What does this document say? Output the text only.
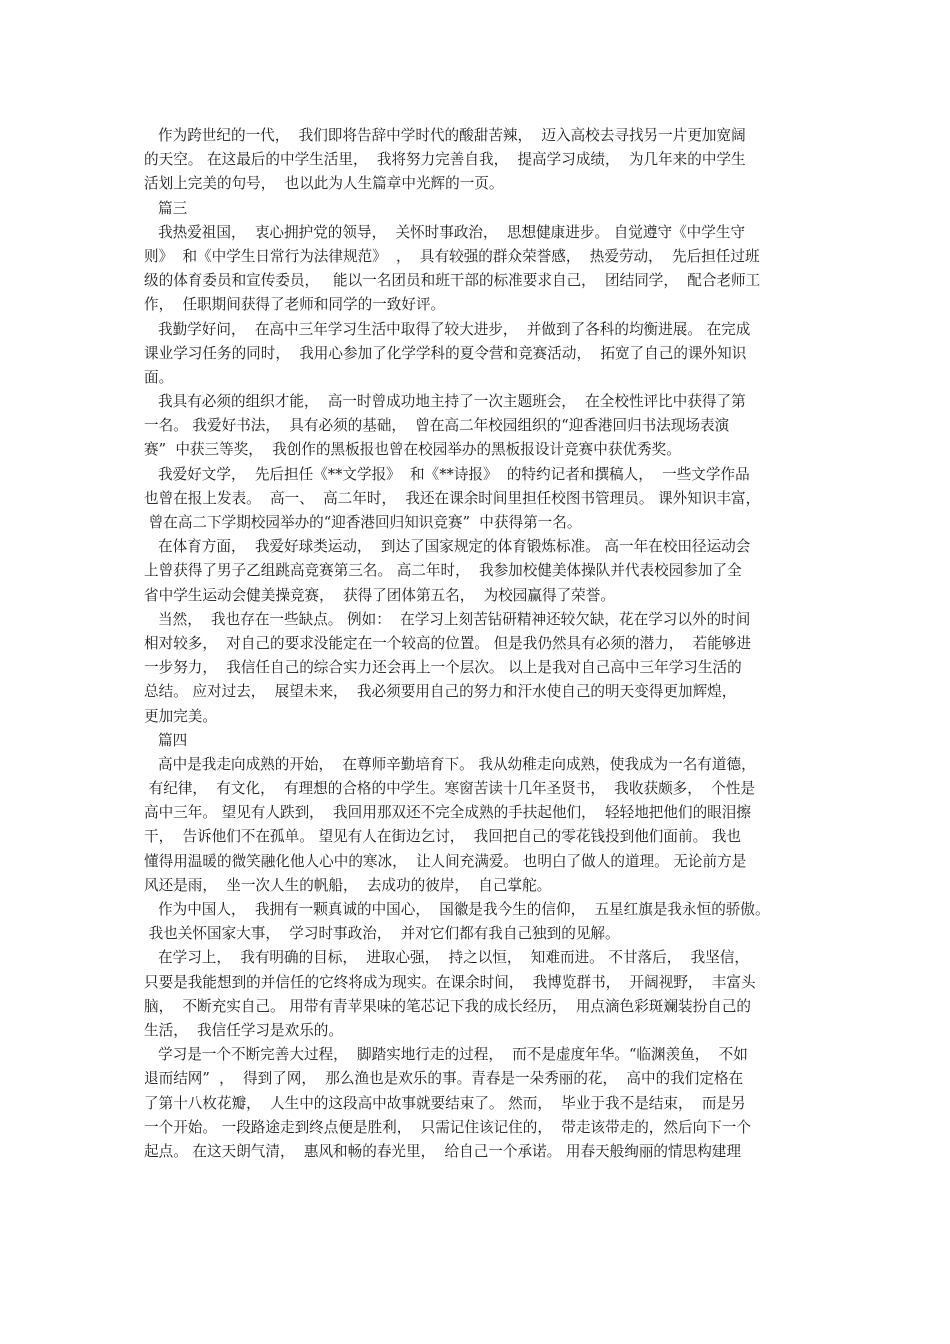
作为跨世纪的一代，  我们即将告辞中学时代的酸甜苦辣，  迈入高校去寻找另一片更加宽阔
的天空。 在这最后的中学生活里，  我将努力完善自我，  提高学习成绩，  为几年来的中学生
活划上完美的句号，  也以此为人生篇章中光辉的一页。
篇三
我热爱祖国，  衷心拥护党的领导，  关怀时事政治，  思想健康进步。 自觉遵守《中学生守
则》  和《中学生日常行为法律规范》  ，  具有较强的群众荣誉感，  热爱劳动，  先后担任过班
级的体育委员和宣传委员，   能以一名团员和班干部的标准要求自己，  团结同学，  配合老师工
作，  任职期间获得了老师和同学的一致好评。
我勤学好问，  在高中三年学习生活中取得了较大进步，  并做到了各科的均衡进展。 在完成
课业学习任务的同时，  我用心参加了化学学科的夏令营和竞赛活动，  拓宽了自己的课外知识
面。
我具有必须的组织才能，  高一时曾成功地主持了一次主题班会，  在全校性评比中获得了第
一名。 我爱好书法，  具有必须的基础，  曾在高二年校园组织的“迎香港回归书法现场表演
赛”  中获三等奖，  我创作的黑板报也曾在校园举办的黑板报设计竞赛中获优秀奖。
我爱好文学，  先后担任《**文学报》  和《**诗报》  的特约记者和撰稿人，  一些文学作品
也曾在报上发表。  高一、  高二年时，  我还在课余时间里担任校图书管理员。 课外知识丰富，
曾在高二下学期校园举办的“迎香港回归知识竞赛”  中获得第一名。
在体育方面，  我爱好球类运动，  到达了国家规定的体育锻炼标准。 高一年在校田径运动会
上曾获得了男子乙组跳高竞赛第三名。 高二年时，  我参加校健美体操队并代表校园参加了全
省中学生运动会健美操竞赛，  获得了团体第五名，  为校园赢得了荣誉。
当然，  我也存在一些缺点。 例如：  在学习上刻苦钻研精神还较欠缺，花在学习以外的时间
相对较多，  对自己的要求没能定在一个较高的位置。 但是我仍然具有必须的潜力，  若能够进
一步努力，  我信任自己的综合实力还会再上一个层次。 以上是我对自己高中三年学习生活的
总结。 应对过去，  展望未来，  我必须要用自己的努力和汗水使自己的明天变得更加辉煌，
更加完美。
篇四
高中是我走向成熟的开始，  在尊师辛勤培育下。 我从幼稚走向成熟，使我成为一名有道德，
有纪律，  有文化，  有理想的合格的中学生。寒窗苦读十几年圣贤书，  我收获颇多，  个性是
高中三年。 望见有人跌到，  我回用那双还不完全成熟的手扶起他们，  轻轻地把他们的眼泪擦
干，  告诉他们不在孤单。 望见有人在街边乞讨，  我回把自己的零花钱投到他们面前。 我也
懂得用温暖的微笑融化他人心中的寒冰，  让人间充满爱。 也明白了做人的道理。 无论前方是
风还是雨，  坐一次人生的帆船，  去成功的彼岸，  自己掌舵。
作为中国人，  我拥有一颗真诚的中国心，  国徽是我今生的信仰，  五星红旗是我永恒的骄傲。
我也关怀国家大事，  学习时事政治，  并对它们都有我自己独到的见解。
在学习上，  我有明确的目标，  进取心强，  持之以恒，  知难而进。 不甘落后，  我坚信，
只要是我能想到的并信任的它终将成为现实。在课余时间，  我博览群书，  开阔视野，  丰富头
脑，  不断充实自己。 用带有青苹果味的笔芯记下我的成长经历，  用点滴色彩斑斓装扮自己的
生活，  我信任学习是欢乐的。
学习是一个不断完善大过程，  脚踏实地行走的过程，  而不是虚度年华。“临渊羡鱼，  不如
退而结网”  ，  得到了网，  那么渔也是欢乐的事。青春是一朵秀丽的花，  高中的我们定格在
了第十八枚花瓣，  人生中的这段高中故事就要结束了。 然而，  毕业于我不是结束，  而是另
一个开始。 一段路途走到终点便是胜利，  只需记住该记住的，  带走该带走的，然后向下一个
起点。 在这天朗气清，  惠风和畅的春光里，  给自己一个承诺。 用春天般绚丽的情思构建理
